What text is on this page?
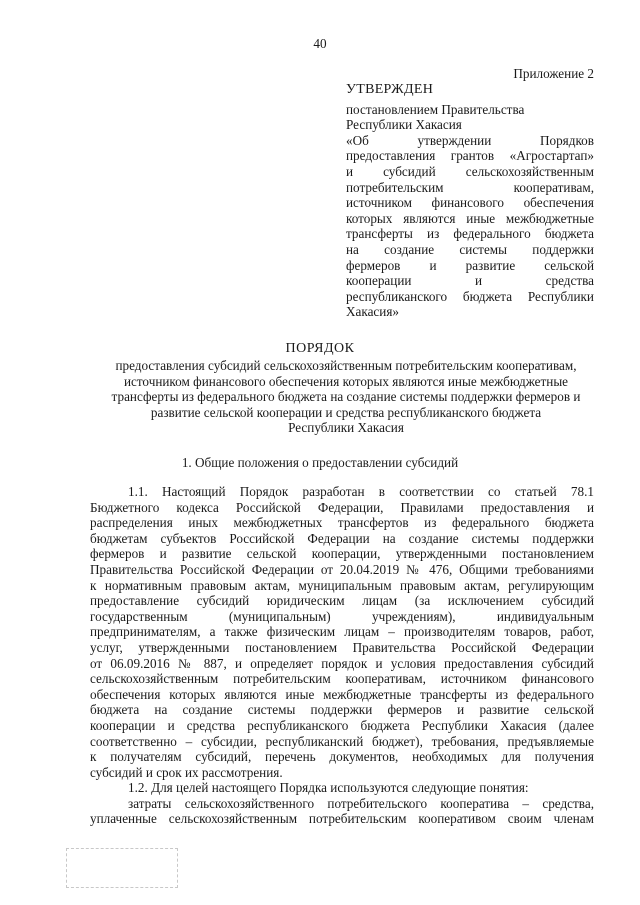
40
Приложение 2
УТВЕРЖДЕН
постановлением Правительства
Республики Хакасия
«Об утверждении Порядков
предоставления грантов «Агростартап»
и субсидий сельскохозяйственным
потребительским кооперативам,
источником финансового обеспечения
которых являются иные межбюджетные
трансферты из федерального бюджета
на создание системы поддержки
фермеров и развитие сельской
кооперации и средства
республиканского бюджета Республики
Хакасия»
ПОРЯДОК
предоставления субсидий сельскохозяйственным потребительским кооперативам,
источником финансового обеспечения которых являются иные межбюджетные
трансферты из федерального бюджета на создание системы поддержки фермеров и
развитие сельской кооперации и средства республиканского бюджета
Республики Хакасия
1. Общие положения о предоставлении субсидий
1.1. Настоящий Порядок разработан в соответствии со статьей 78.1
Бюджетного кодекса Российской Федерации, Правилами предоставления и
распределения иных межбюджетных трансфертов из федерального бюджета
бюджетам субъектов Российской Федерации на создание системы поддержки
фермеров и развитие сельской кооперации, утвержденными постановлением
Правительства Российской Федерации от 20.04.2019 № 476, Общими требованиями
к нормативным правовым актам, муниципальным правовым актам, регулирующим
предоставление субсидий юридическим лицам (за исключением субсидий
государственным (муниципальным) учреждениям), индивидуальным
предпринимателям, а также физическим лицам – производителям товаров, работ,
услуг, утвержденными постановлением Правительства Российской Федерации
от 06.09.2016 № 887, и определяет порядок и условия предоставления субсидий
сельскохозяйственным потребительским кооперативам, источником финансового
обеспечения которых являются иные межбюджетные трансферты из федерального
бюджета на создание системы поддержки фермеров и развитие сельской
кооперации и средства республиканского бюджета Республики Хакасия (далее
соответственно – субсидии, республиканский бюджет), требования, предъявляемые
к получателям субсидий, перечень документов, необходимых для получения
субсидий и срок их рассмотрения.
1.2. Для целей настоящего Порядка используются следующие понятия:
затраты сельскохозяйственного потребительского кооператива – средства,
уплаченные сельскохозяйственным потребительским кооперативом своим членам
